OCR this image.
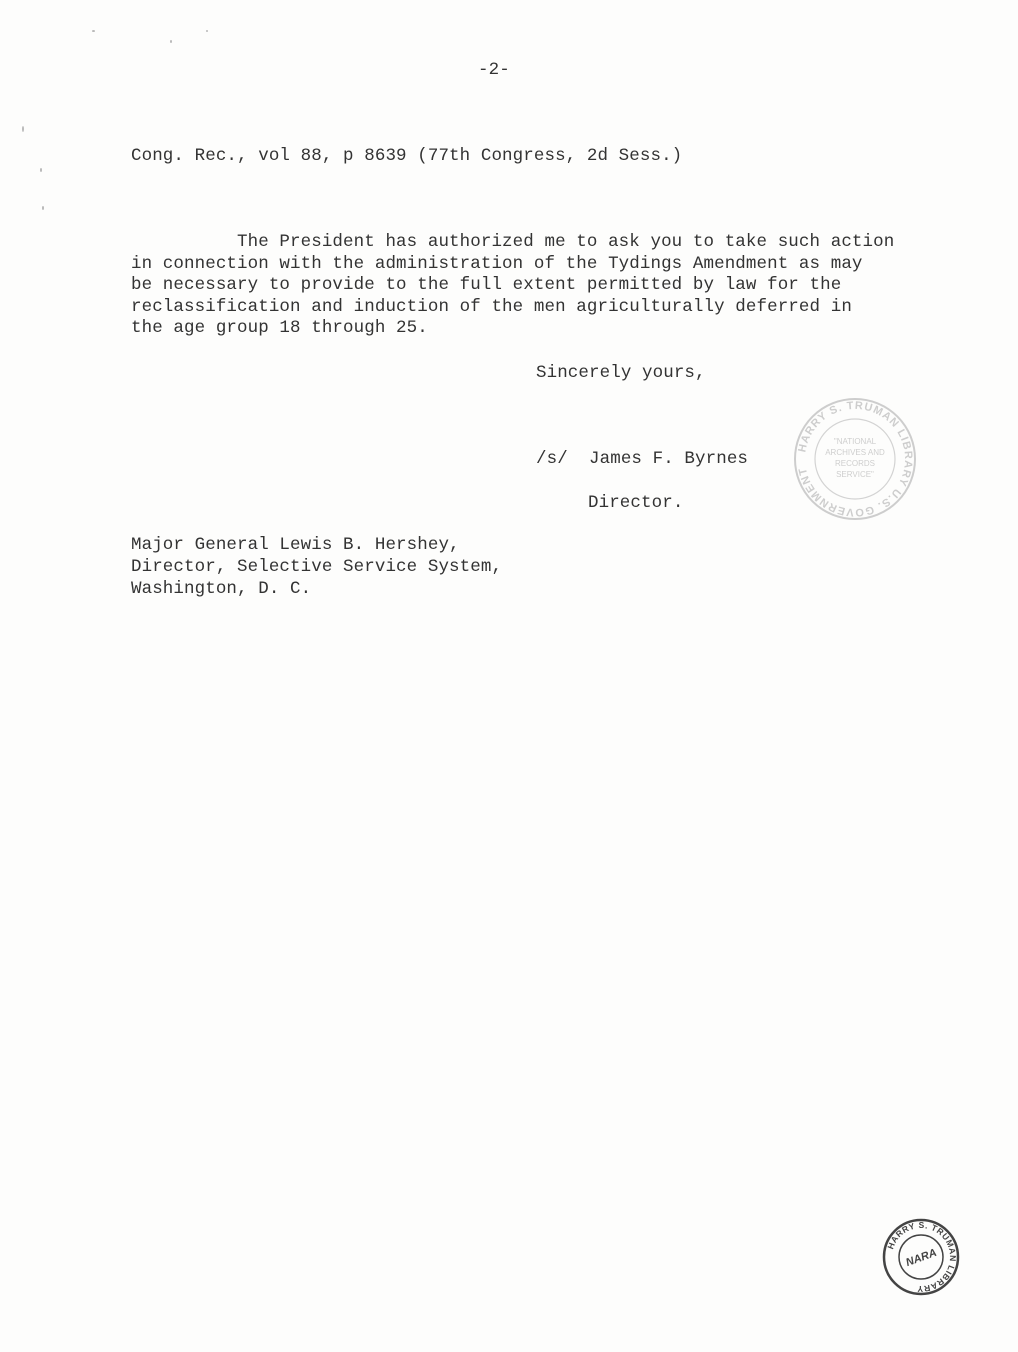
-2-
Cong. Rec., vol 88, p 8639 (77th Congress, 2d Sess.)
The President has authorized me to ask you to take such action
in connection with the administration of the Tydings Amendment as may
be necessary to provide to the full extent permitted by law for the
reclassification and induction of the men agriculturally deferred in
the age group 18 through 25.
Sincerely yours,
/s/  James F. Byrnes
Director.
Major General Lewis B. Hershey,
Director, Selective Service System,
Washington, D. C.
HARRY S. TRUMAN LIBRARY U.S. GOVERNMENT
"NATIONAL
ARCHIVES AND
RECORDS
SERVICE"
HARRY S. TRUMAN LIBRARY
NARA
